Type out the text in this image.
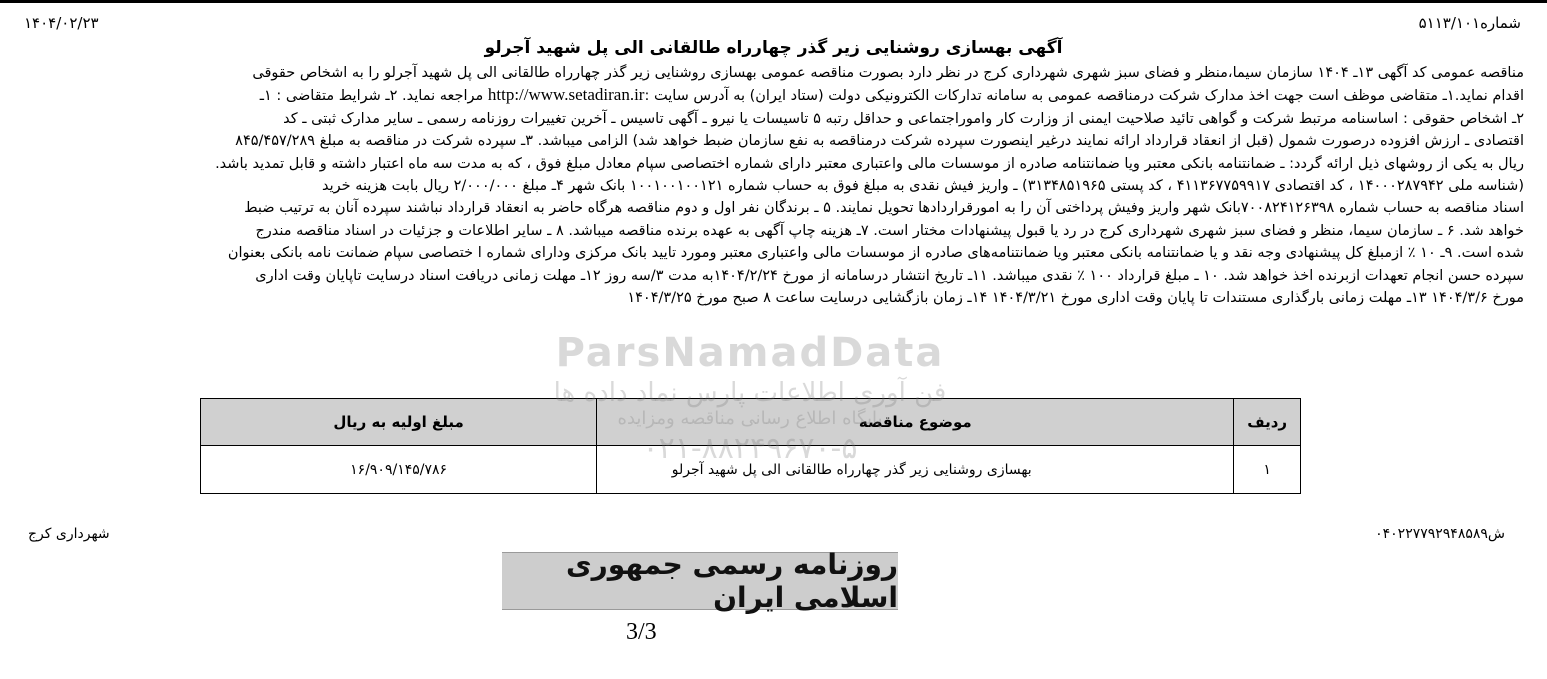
شماره۵۱۱۳/۱۰۱
۱۴۰۴/۰۲/۲۳
آگهی بهسازی روشنایی زیر گذر چهارراه طالقانی الی پل شهید آجرلو
مناقصه عمومی کد آگهی ۱۳ـ ۱۴۰۴ سازمان سیما،منظر و فضای سبز شهری شهرداری کرج در نظر دارد بصورت مناقصه عمومی بهسازی روشنایی زیر گذر چهارراه طالقانی الی پل شهید آجرلو را به اشخاص حقوقی
اقدام نماید.۱ـ متقاضی موظف است جهت اخذ مدارک شرکت درمناقصه عمومی به سامانه تدارکات الکترونیکی دولت (ستاد ایران) به آدرس سایت :http://www.setadiran.ir مراجعه نماید. ۲ـ شرایط متقاضی : ۱ـ
۲ـ اشخاص حقوقی : اساسنامه مرتبط شرکت و گواهی تائید صلاحیت ایمنی از وزارت کار واموراجتماعی و حداقل رتبه ۵ تاسیسات یا نیرو ـ آگهی تاسیس ـ آخرین تغییرات روزنامه رسمی ـ سایر مدارک ثبتی ـ کد
اقتصادی ـ ارزش افزوده درصورت شمول (قبل از انعقاد قرارداد ارائه نمایند درغیر اینصورت سپرده شرکت درمناقصه به نفع سازمان ضبط خواهد شد) الزامی میباشد. ۳ـ سپرده شرکت در مناقصه به مبلغ ۸۴۵/۴۵۷/۲۸۹
ریال به یکی از روشهای ذیل ارائه گردد: ـ ضمانتنامه بانکی معتبر ویا ضمانتنامه صادره از موسسات مالی واعتباری معتبر دارای شماره اختصاصی سپام معادل مبلغ فوق ، که به مدت سه ماه اعتبار داشته و قابل تمدید باشد.
(شناسه ملی ۱۴۰۰۰۲۸۷۹۴۲ ، کد اقتصادی ۴۱۱۳۶۷۷۵۹۹۱۷ ، کد پستی ۳۱۳۴۸۵۱۹۶۵) ـ واریز فیش نقدی به مبلغ فوق به حساب شماره ۱۰۰۱۰۰۱۰۰۱۲۱ بانک شهر ۴ـ مبلغ ۲/۰۰۰/۰۰۰ ریال بابت هزینه خرید
اسناد مناقصه به حساب شماره ۷۰۰۸۲۴۱۲۶۳۹۸بانک شهر واریز وفیش پرداختی آن را به امورقراردادها تحویل نمایند. ۵ ـ برندگان نفر اول و دوم مناقصه هرگاه حاضر به انعقاد قرارداد نباشند سپرده آنان به ترتیب ضبط
خواهد شد. ۶ ـ سازمان سیما، منظر و فضای سبز شهری شهرداری کرج در رد یا قبول پیشنهادات مختار است. ۷ـ هزینه چاپ آگهی به عهده برنده مناقصه میباشد. ۸ ـ سایر اطلاعات و جزئیات در اسناد مناقصه مندرج
شده است. ۹ـ ۱۰ ٪ ازمبلغ کل پیشنهادی وجه نقد و یا ضمانتنامه بانکی معتبر ویا ضمانتنامه‌های صادره از موسسات مالی واعتباری معتبر ومورد تایید بانک مرکزی ودارای شماره ا ختصاصی سپام ضمانت نامه بانکی بعنوان
سپرده حسن انجام تعهدات ازبرنده اخذ خواهد شد. ۱۰ ـ مبلغ قرارداد ۱۰۰ ٪ نقدی میباشد. ۱۱ـ تاریخ انتشار درسامانه از مورخ ۱۴۰۴/۲/۲۴به مدت ۳/سه روز ۱۲ـ مهلت زمانی دریافت اسناد درسایت تاپایان وقت اداری
مورخ ۱۴۰۴/۳/۶ ۱۳ـ مهلت زمانی بارگذاری مستندات تا پایان وقت اداری مورخ ۱۴۰۴/۳/۲۱ ۱۴ـ زمان بازگشایی درسایت ساعت ۸ صبح مورخ ۱۴۰۴/۳/۲۵
ردیف	موضوع مناقصه	مبلغ اولیه به ریال
۱	بهسازی روشنایی زیر گذر چهارراه طالقانی الی پل شهید آجرلو	۱۶/۹۰۹/۱۴۵/۷۸۶
ParsNamadData
فن آوری اطلاعات پارس نماد داده ها
پایگاه اطلاع رسانی مناقصه ومزایده
۰۲۱-۸۸۲۴۹۶۷۰-۵
ش۰۴۰۲۲۷۷۹۲۹۴۸۵۸۹
شهرداری کرج
روزنامه رسمی جمهوری اسلامی ایران
3/3
